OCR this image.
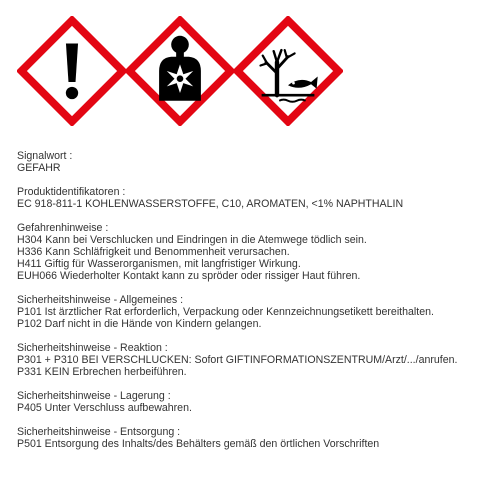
Signalwort :
GEFAHR
Produktidentifikatoren :
EC 918-811-1 KOHLENWASSERSTOFFE, C10, AROMATEN, <1% NAPHTHALIN
Gefahrenhinweise :
H304 Kann bei Verschlucken und Eindringen in die Atemwege tödlich sein.
H336 Kann Schläfrigkeit und Benommenheit verursachen.
H411 Giftig für Wasserorganismen, mit langfristiger Wirkung.
EUH066 Wiederholter Kontakt kann zu spröder oder rissiger Haut führen.
Sicherheitshinweise - Allgemeines :
P101 Ist ärztlicher Rat erforderlich, Verpackung oder Kennzeichnungsetikett bereithalten.
P102 Darf nicht in die Hände von Kindern gelangen.
Sicherheitshinweise - Reaktion :
P301 + P310 BEI VERSCHLUCKEN: Sofort GIFTINFORMATIONSZENTRUM/Arzt/.../anrufen.
P331 KEIN Erbrechen herbeiführen.
Sicherheitshinweise - Lagerung :
P405 Unter Verschluss aufbewahren.
Sicherheitshinweise - Entsorgung :
P501 Entsorgung des Inhalts/des Behälters gemäß den örtlichen Vorschriften
